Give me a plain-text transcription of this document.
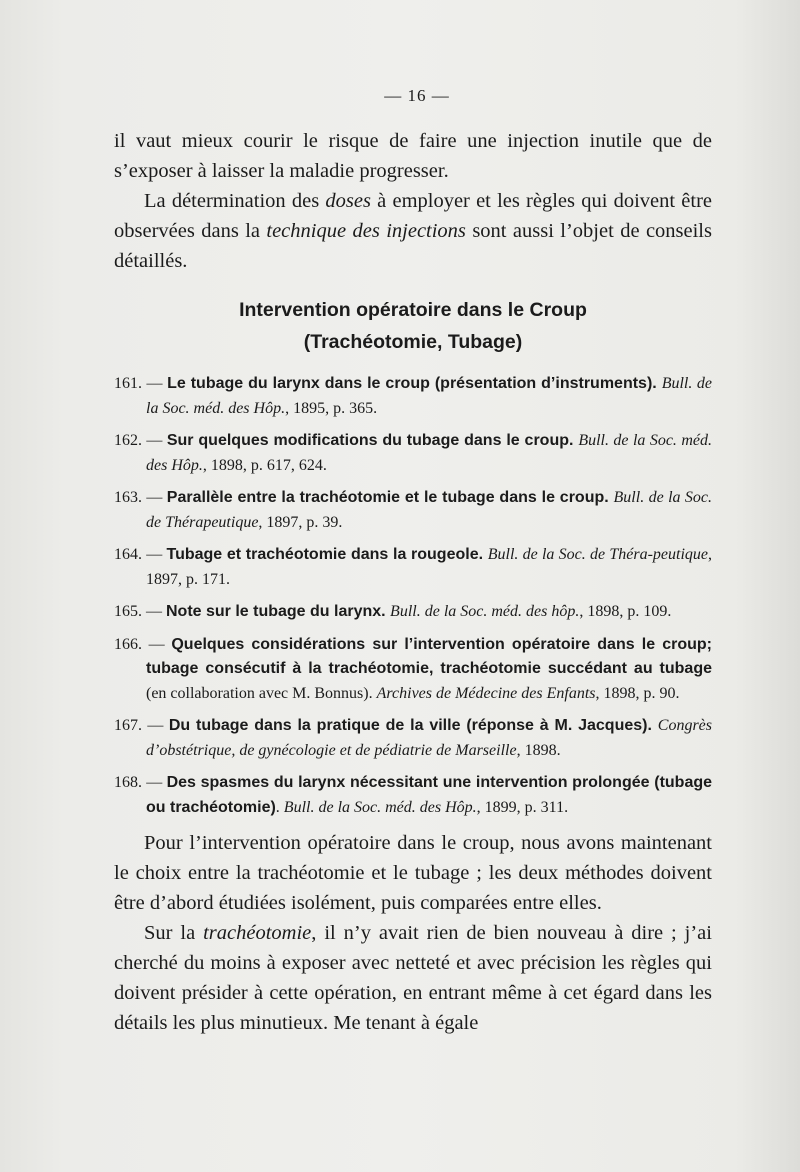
— 16 —

il vaut mieux courir le risque de faire une injection inutile que de s’exposer à laisser la maladie progresser.

La détermination des doses à employer et les règles qui doivent être observées dans la technique des injections sont aussi l’objet de conseils détaillés.

Intervention opératoire dans le Croup
(Trachéotomie, Tubage)
161. — Le tubage du larynx dans le croup (présentation d’instruments). Bull. de la Soc. méd. des Hôp., 1895, p. 365.
162. — Sur quelques modifications du tubage dans le croup. Bull. de la Soc. méd. des Hôp., 1898, p. 617, 624.
163. — Parallèle entre la trachéotomie et le tubage dans le croup. Bull. de la Soc. de Thérapeutique, 1897, p. 39.
164. — Tubage et trachéotomie dans la rougeole. Bull. de la Soc. de Théra-peutique, 1897, p. 171.
165. — Note sur le tubage du larynx. Bull. de la Soc. méd. des hôp., 1898, p. 109.
166. — Quelques considérations sur l’intervention opératoire dans le croup; tubage consécutif à la trachéotomie, trachéotomie succédant au tubage (en collaboration avec M. Bonnus). Archives de Médecine des Enfants, 1898, p. 90.
167. — Du tubage dans la pratique de la ville (réponse à M. Jacques). Congrès d’obstétrique, de gynécologie et de pédiatrie de Marseille, 1898.
168. — Des spasmes du larynx nécessitant une intervention prolongée (tubage ou trachéotomie). Bull. de la Soc. méd. des Hôp., 1899, p. 311.

Pour l’intervention opératoire dans le croup, nous avons maintenant le choix entre la trachéotomie et le tubage ; les deux méthodes doivent être d’abord étudiées isolément, puis comparées entre elles.

Sur la trachéotomie, il n’y avait rien de bien nouveau à dire ; j’ai cherché du moins à exposer avec netteté et avec précision les règles qui doivent présider à cette opération, en entrant même à cet égard dans les détails les plus minutieux. Me tenant à égale
